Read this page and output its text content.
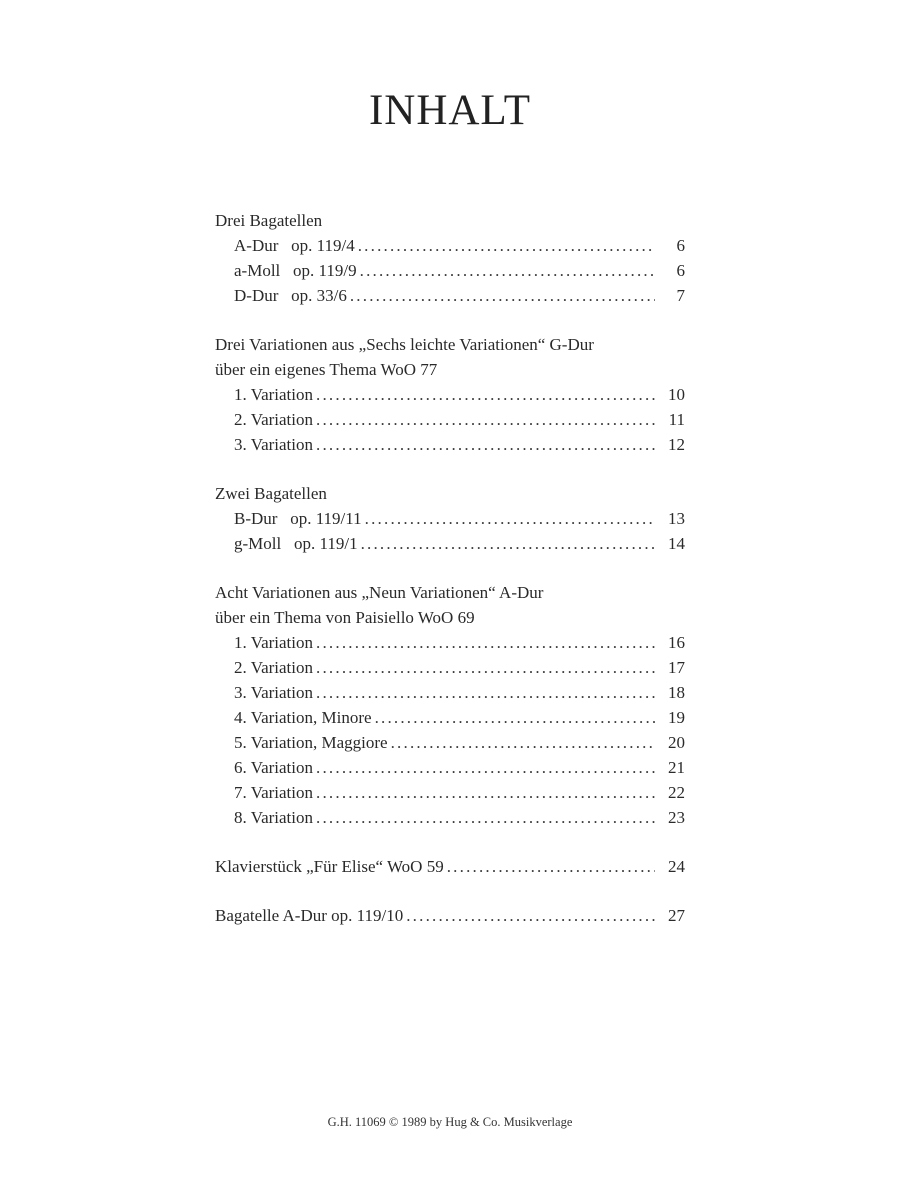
INHALT
Drei Bagatellen
A-Dur   op. 119/4 .....	6
a-Moll   op. 119/9 .....	6
D-Dur   op. 33/6 .....	7
Drei Variationen aus „Sechs leichte Variationen“ G-Dur
über ein eigenes Thema WoO 77
1. Variation .....	10
2. Variation .....	11
3. Variation .....	12
Zwei Bagatellen
B-Dur   op. 119/11 .....	13
g-Moll   op. 119/1 .....	14
Acht Variationen aus „Neun Variationen“ A-Dur
über ein Thema von Paisiello WoO 69
1. Variation .....	16
2. Variation .....	17
3. Variation .....	18
4. Variation, Minore .....	19
5. Variation, Maggiore .....	20
6. Variation .....	21
7. Variation .....	22
8. Variation .....	23
Klavierstück „Für Elise“ WoO 59 .....	24
Bagatelle A-Dur op. 119/10 .....	27
G.H. 11069 © 1989 by Hug & Co. Musikverlage
